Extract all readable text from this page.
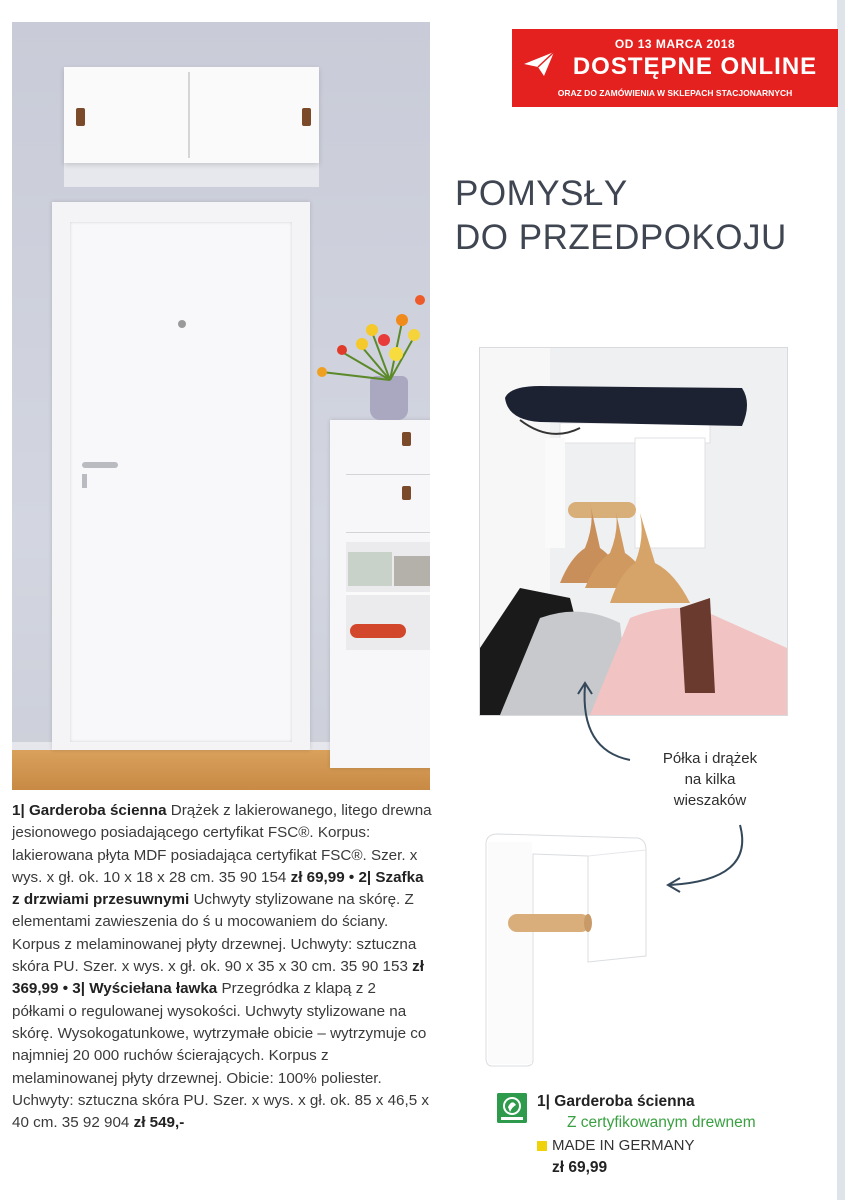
OD 13 MARCA 2018
DOSTĘPNE ONLINE
ORAZ DO ZAMÓWIENIA W SKLEPACH STACJONARNYCH
POMYSŁY
DO PRZEDPOKOJU
Półka i drążek
na kilka
wieszaków

1| Garderoba ścienna Drążek z lakierowanego, litego drewna jesionowego posiadającego certyfikat FSC®. Korpus: lakierowana płyta MDF posiadająca certyfikat FSC®. Szer. x wys. x gł. ok. 10 x 18 x 28 cm. 35 90 154 zł 69,99 • 2| Szafka z drzwiami przesuwnymi Uchwyty stylizowane na skórę. Z elementami zawieszenia do ś u mocowaniem do ściany. Korpus z melaminowanej płyty drzewnej. Uchwyty: sztuczna skóra PU. Szer. x wys. x gł. ok. 90 x 35 x 30 cm. 35 90 153 zł 369,99 • 3| Wyściełana ławka Przegródka z klapą z 2 półkami o regulowanej wysokości. Uchwyty stylizowane na skórę. Wysokogatunkowe, wytrzymałe obicie – wytrzymuje co najmniej 20 000 ruchów ścierających. Korpus z melaminowanej płyty drzewnej. Obicie: 100% poliester. Uchwyty: sztuczna skóra PU. Szer. x wys. x gł. ok. 85 x 46,5 x 40 cm. 35 92 904 zł 549,-

1| Garderoba ścienna
Z certyfikowanym drewnem
MADE IN GERMANY
zł 69,99
